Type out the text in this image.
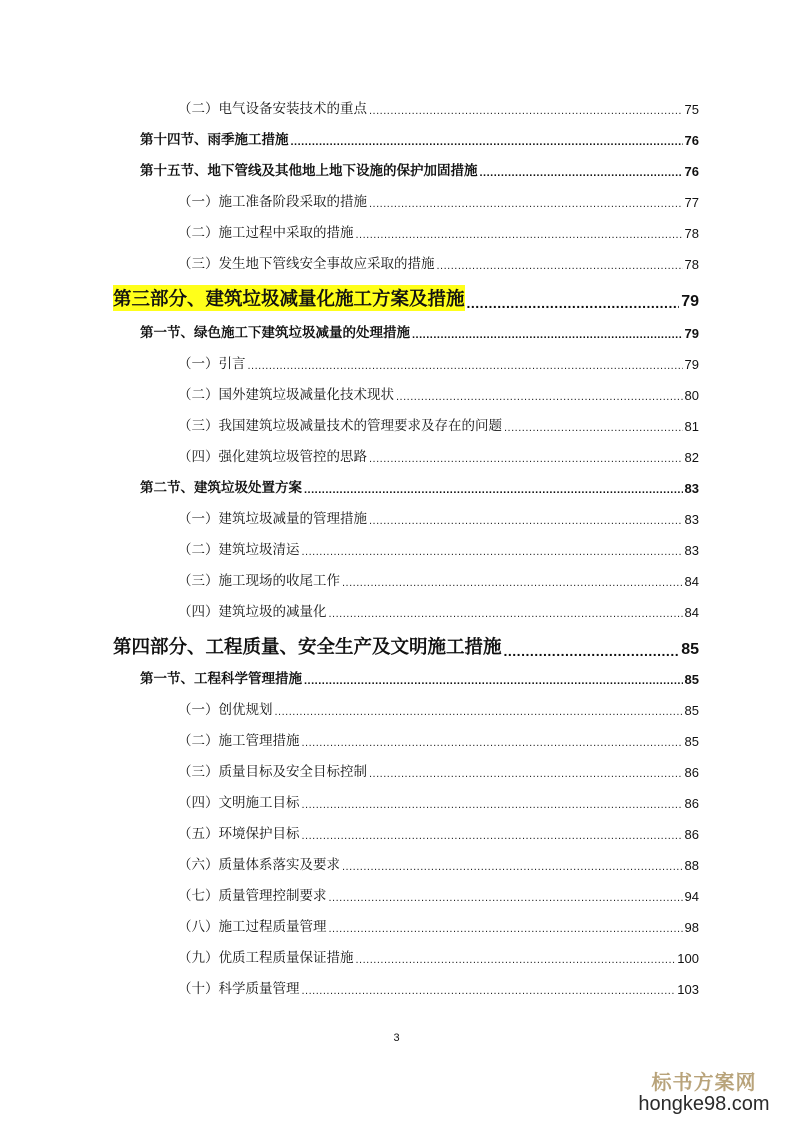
（二） 电气设备安装技术的重点 .....	75
第十四节、雨季施工措施 .....	76
第十五节、地下管线及其他地上地下设施的保护加固措施 .....	76
（一） 施工准备阶段采取的措施 .....	77
（二） 施工过程中采取的措施 .....	78
（三） 发生地下管线安全事故应采取的措施 .....	78
第三部分、建筑垃圾减量化施工方案及措施 .....	79
第一节、绿色施工下建筑垃圾减量的处理措施 .....	79
（一） 引言 .....	79
（二） 国外建筑垃圾减量化技术现状 .....	80
（三） 我国建筑垃圾减量技术的管理要求及存在的问题 .....	81
（四） 强化建筑垃圾管控的思路 .....	82
第二节、建筑垃圾处置方案 .....	83
（一） 建筑垃圾减量的管理措施 .....	83
（二） 建筑垃圾清运 .....	83
（三） 施工现场的收尾工作 .....	84
（四） 建筑垃圾的减量化 .....	84
第四部分、工程质量、安全生产及文明施工措施 .....	85
第一节、工程科学管理措施 .....	85
（一） 创优规划 .....	85
（二） 施工管理措施 .....	85
（三） 质量目标及安全目标控制 .....	86
（四） 文明施工目标 .....	86
（五） 环境保护目标 .....	86
（六） 质量体系落实及要求 .....	88
（七） 质量管理控制要求 .....	94
（八） 施工过程质量管理 .....	98
（九） 优质工程质量保证措施 .....	100
（十） 科学质量管理 .....	103
3
标书方案网
hongke98.com
